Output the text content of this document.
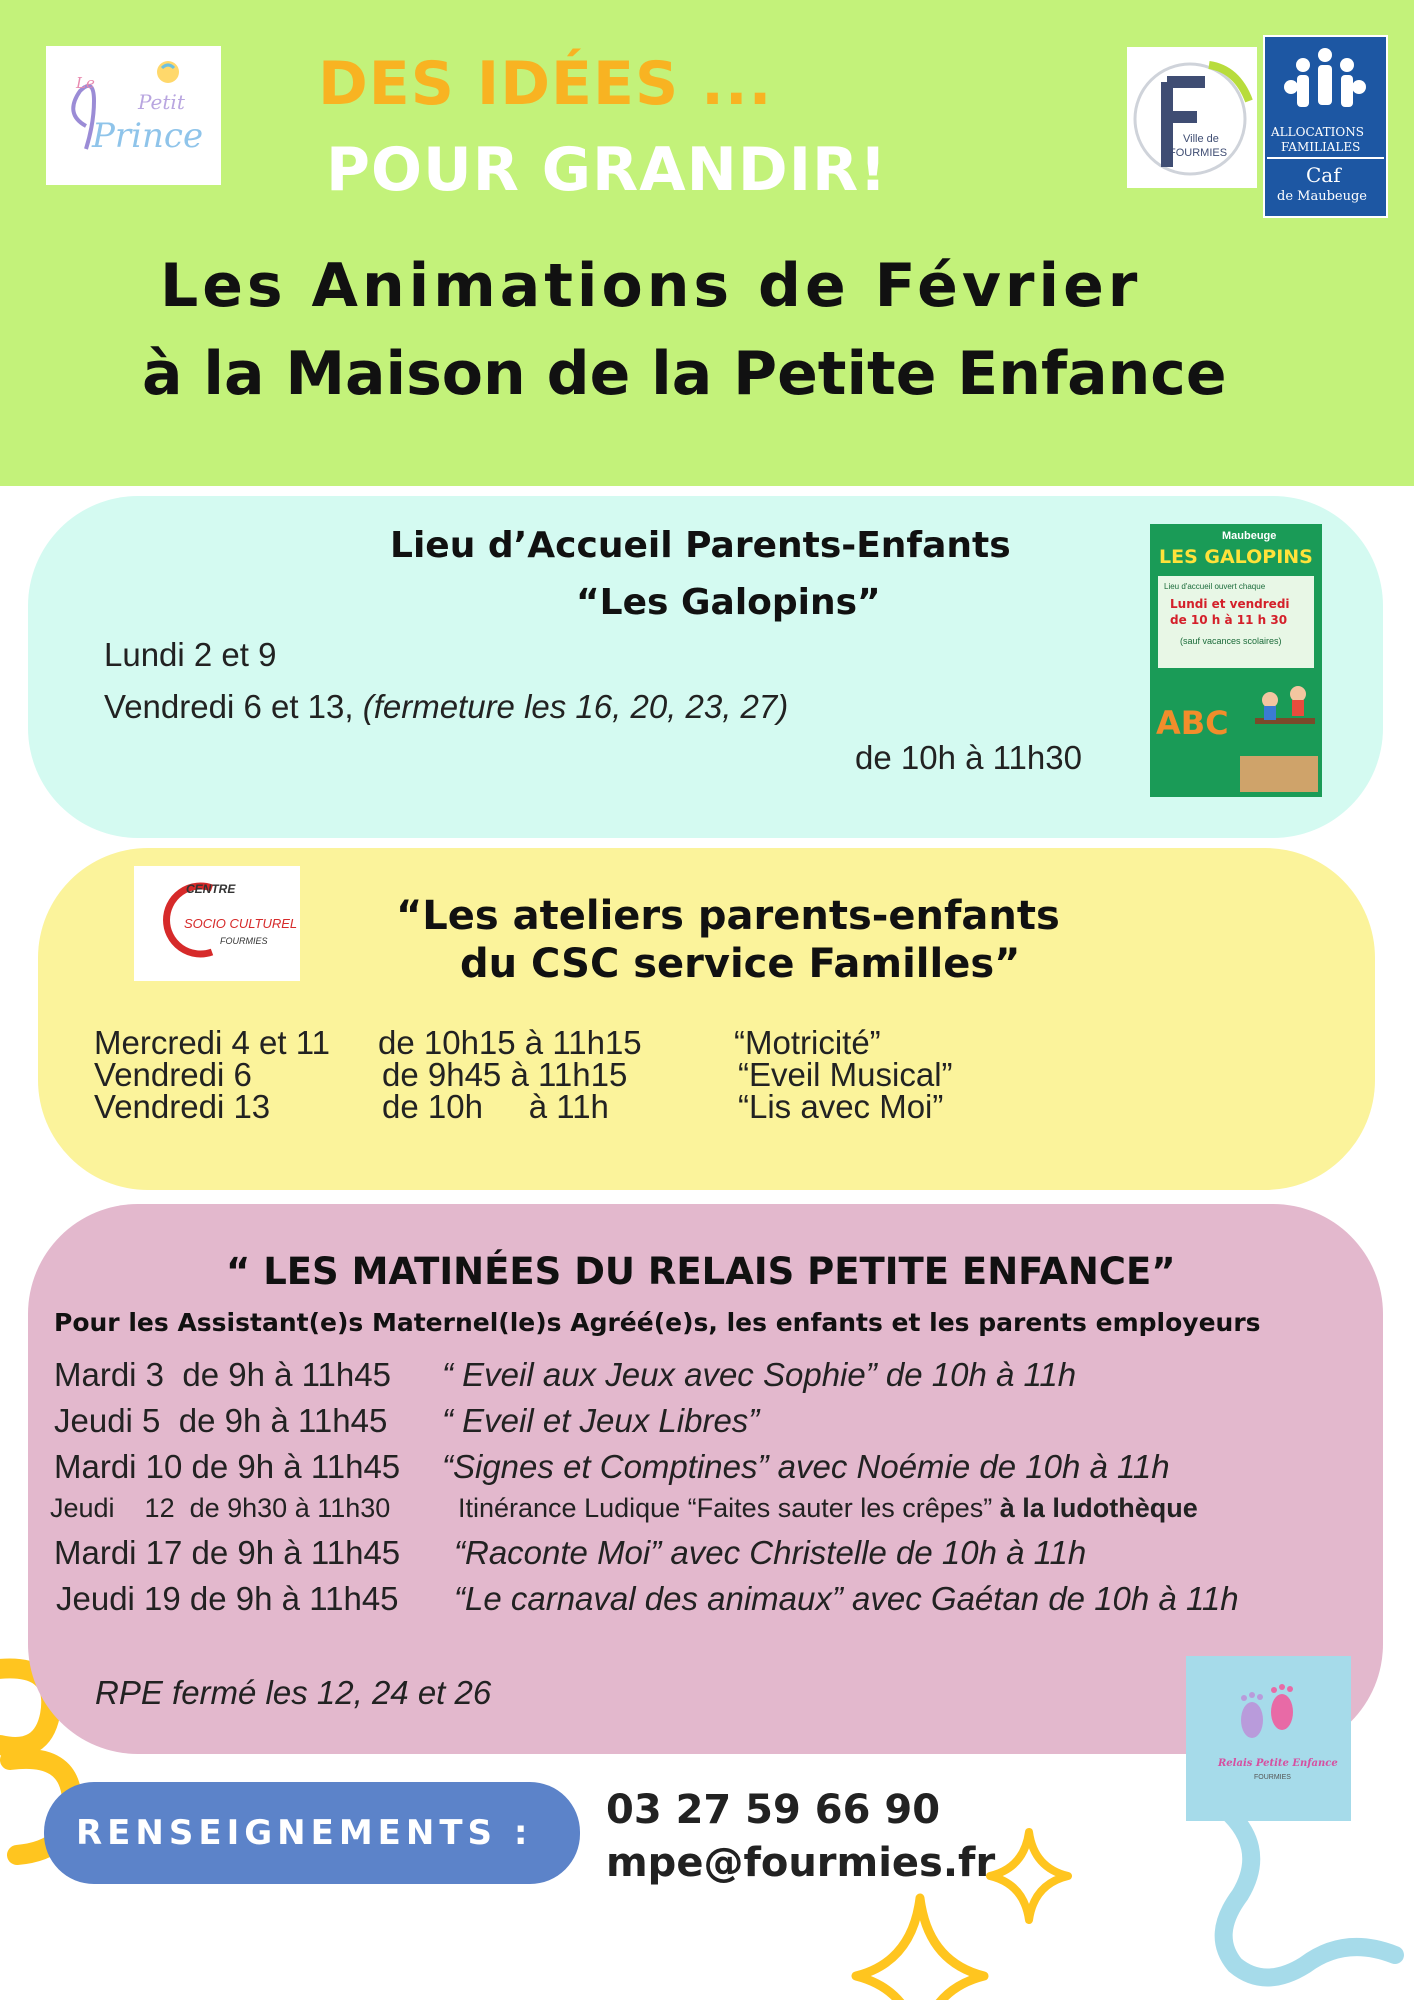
Le
Petit
Prince
DES IDÉES ...
POUR GRANDIR!	Ville de
FOURMIES
ALLOCATIONS
FAMILIALES
Caf
de Maubeuge
Les Animations de Février
à la Maison de la Petite Enfance
Lieu d’Accueil Parents-Enfants
“Les Galopins”
Lundi 2 et 9
Vendredi 6 et 13, (fermeture les 16, 20, 23, 27)
de 10h à 11h30
Maubeuge
LES GALOPINS
Lieu d'accueil ouvert chaque
Lundi et vendredi
de 10 h à 11 h 30
(sauf vacances scolaires)
ABC
CENTRE
SOCIO CULTUREL
FOURMIES
“Les ateliers parents-enfants
du CSC service Familles”
Mercredi 4 et 11 de 10h15 à 11h15	“Motricité”
Vendredi 6	de 9h45 à 11h15	“Eveil Musical”
Vendredi 13	de 10h     à 11h	“Lis avec Moi”
“ LES MATINÉES DU RELAIS PETITE ENFANCE”
Pour les Assistant(e)s Maternel(le)s Agréé(e)s, les enfants et les parents employeurs
Mardi 3  de 9h à 11h45 “ Eveil aux Jeux avec Sophie” de 10h à 11h
Jeudi 5  de 9h à 11h45 “ Eveil et Jeux Libres”
Mardi 10 de 9h à 11h45 “Signes et Comptines” avec Noémie de 10h à 11h
Jeudi    12  de 9h30 à 11h30	Itinérance Ludique “Faites sauter les crêpes” à la ludothèque
Mardi 17 de 9h à 11h45 “Raconte Moi” avec Christelle de 10h à 11h
Jeudi 19 de 9h à 11h45 “Le carnaval des animaux” avec Gaétan de 10h à 11h
RPE fermé les 12, 24 et 26
Relais Petite Enfance
FOURMIES
RENSEIGNEMENTS : 03 27 59 66 90
mpe@fourmies.fr
